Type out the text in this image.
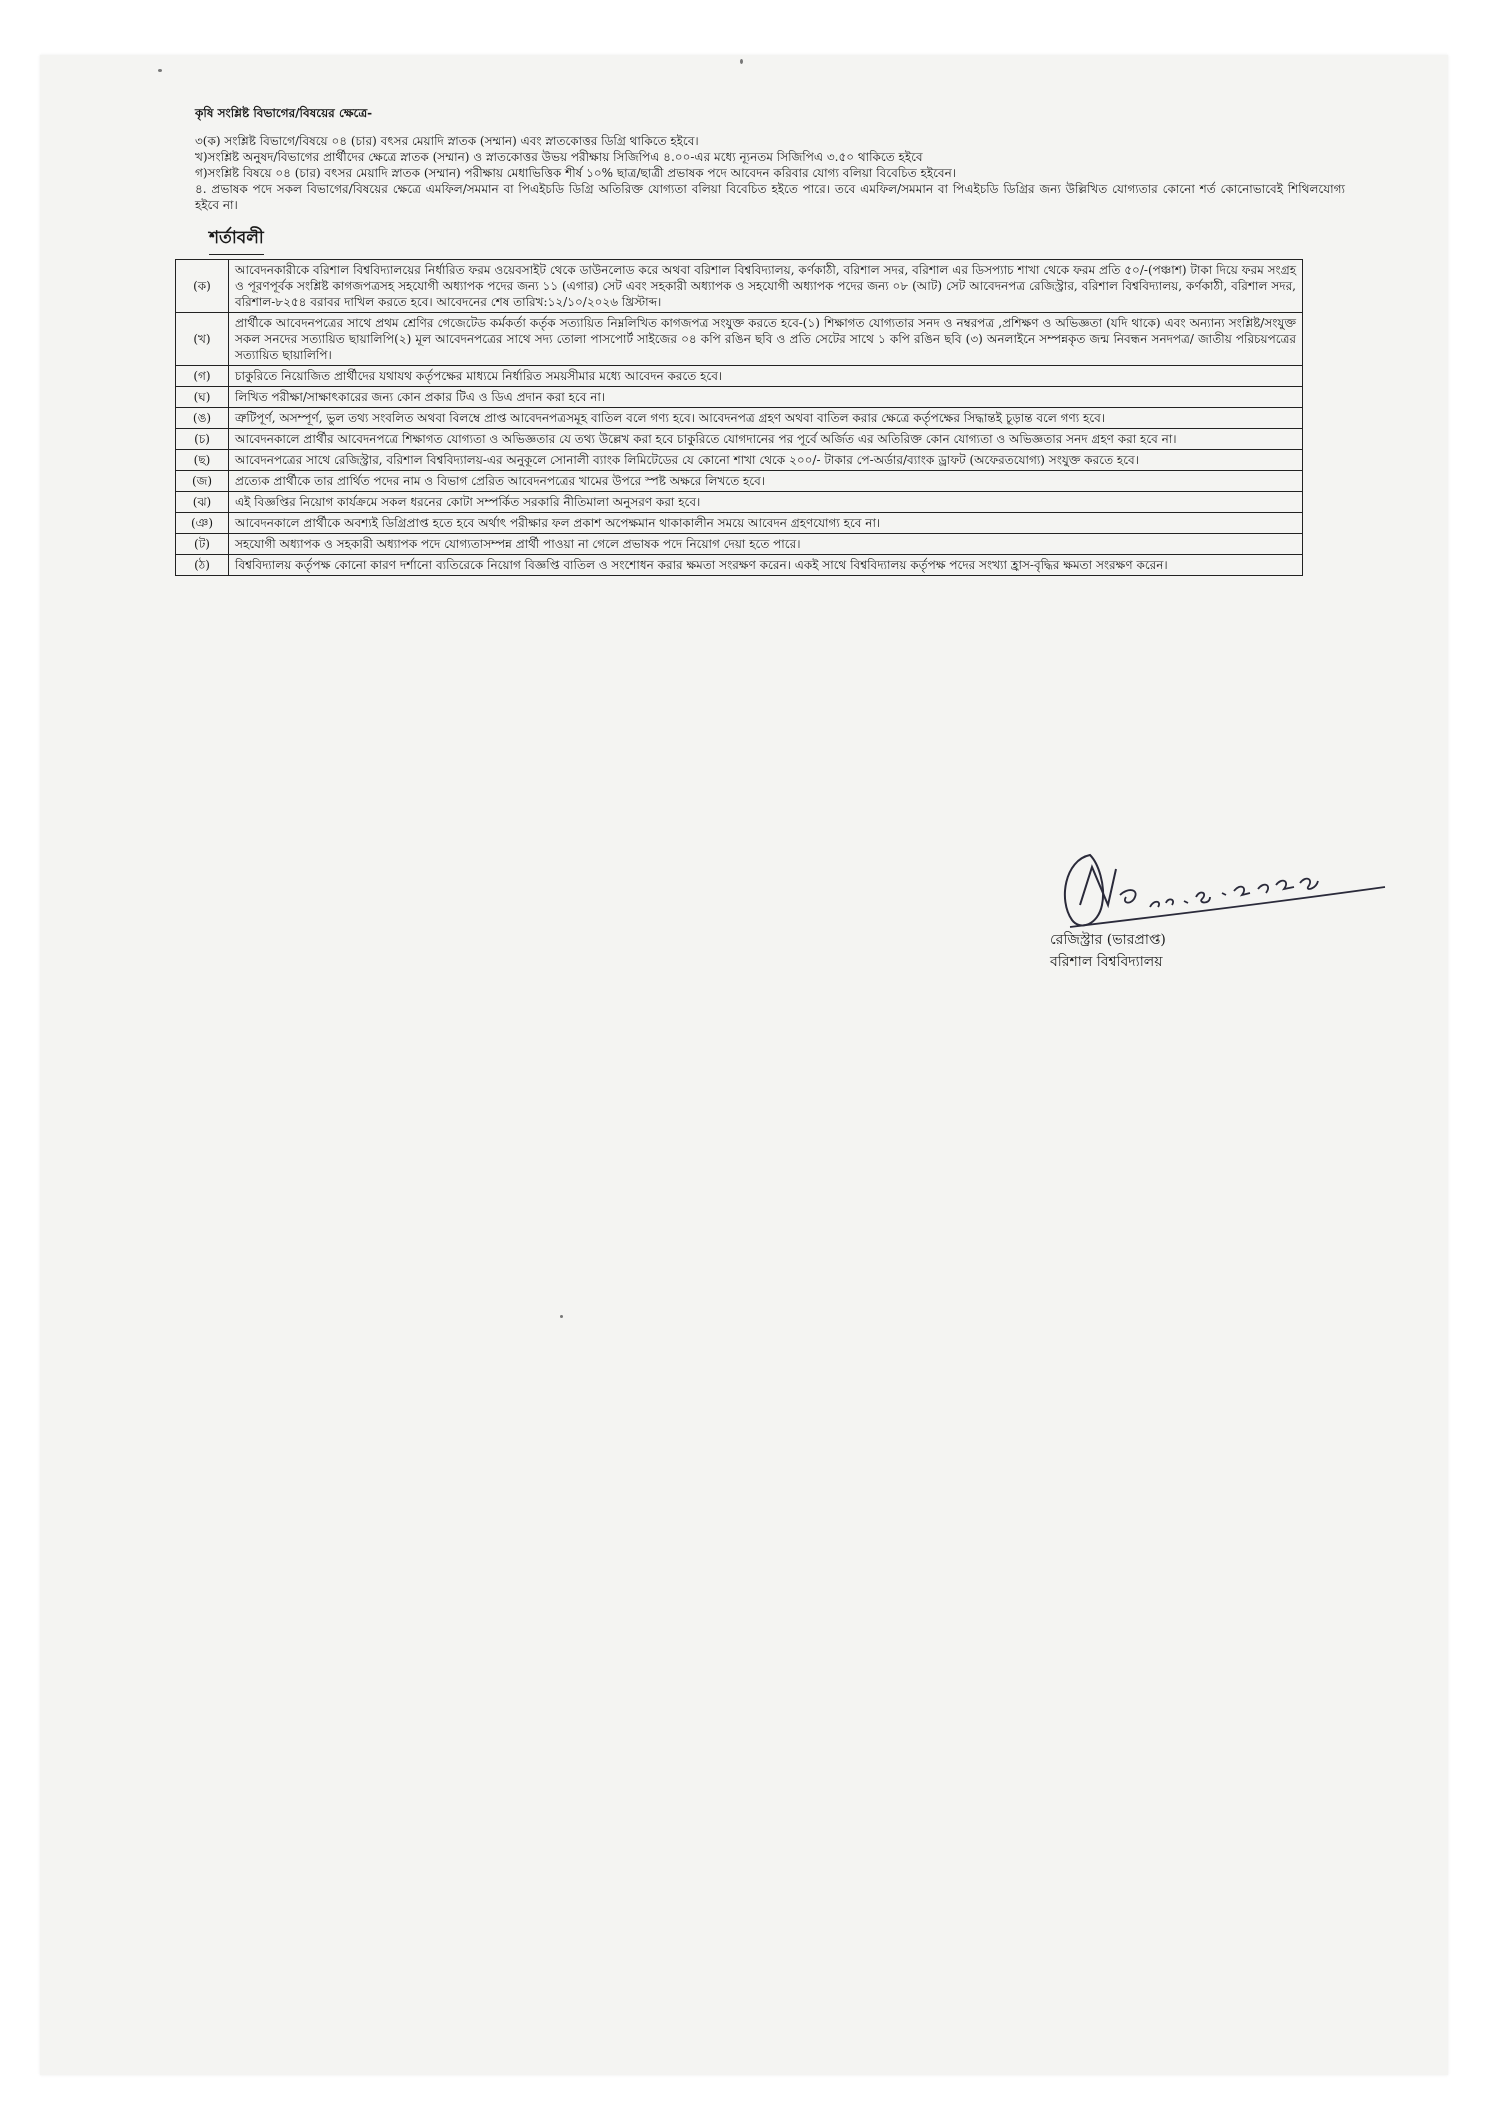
কৃষি সংশ্লিষ্ট বিভাগের/বিষয়ের ক্ষেত্রে-

৩(ক) সংশ্লিষ্ট বিভাগে/বিষয়ে ০৪ (চার) বৎসর মেয়াদি স্নাতক (সম্মান) এবং স্নাতকোত্তর ডিগ্রি থাকিতে হইবে।

খ)সংশ্লিষ্ট অনুষদ/বিভাগের প্রার্থীদের ক্ষেত্রে স্নাতক (সম্মান) ও স্নাতকোত্তর উভয় পরীক্ষায় সিজিপিএ ৪.০০-এর মধ্যে ন্যূনতম সিজিপিএ ৩.৫০ থাকিতে হইবে

গ)সংশ্লিষ্ট বিষয়ে ০৪ (চার) বৎসর মেয়াদি স্নাতক (সম্মান) পরীক্ষায় মেধাভিত্তিক শীর্ষ ১০% ছাত্র/ছাত্রী প্রভাষক পদে আবেদন করিবার যোগ্য বলিয়া বিবেচিত হইবেন।

৪. প্রভাষক পদে সকল বিভাগের/বিষয়ের ক্ষেত্রে এমফিল/সমমান বা পিএইচডি ডিগ্রি অতিরিক্ত যোগ্যতা বলিয়া বিবেচিত হইতে পারে। তবে এমফিল/সমমান বা পিএইচডি ডিগ্রির জন্য উল্লিখিত যোগ্যতার কোনো শর্ত কোনোভাবেই শিথিলযোগ্য হইবে না।

শর্তাবলী
(ক)	আবেদনকারীকে বরিশাল বিশ্ববিদ্যালয়ের নির্ধারিত ফরম ওয়েবসাইট থেকে ডাউনলোড করে অথবা বরিশাল বিশ্ববিদ্যালয়, কর্ণকাঠী, বরিশাল সদর, বরিশাল এর ডিসপ্যাচ শাখা থেকে ফরম প্রতি ৫০/-(পঞ্চাশ) টাকা দিয়ে ফরম সংগ্রহ ও পূরণপূর্বক সংশ্লিষ্ট কাগজপত্রসহ সহযোগী অধ্যাপক পদের জন্য ১১ (এগার) সেট এবং সহকারী অধ্যাপক ও সহযোগী অধ্যাপক পদের জন্য ০৮ (আট) সেট আবেদনপত্র রেজিস্ট্রার, বরিশাল বিশ্ববিদ্যালয়, কর্ণকাঠী, বরিশাল সদর, বরিশাল-৮২৫৪ বরাবর দাখিল করতে হবে। আবেদনের শেষ তারিখ:১২/১০/২০২৬ খ্রিস্টাব্দ।
(খ)	প্রার্থীকে আবেদনপত্রের সাথে প্রথম শ্রেণির গেজেটেড কর্মকর্তা কর্তৃক সত্যায়িত নিম্নলিখিত কাগজপত্র সংযুক্ত করতে হবে-(১) শিক্ষাগত যোগ্যতার সনদ ও নম্বরপত্র ,প্রশিক্ষণ ও অভিজ্ঞতা (যদি থাকে) এবং অন্যান্য সংশ্লিষ্ট/সংযুক্ত সকল সনদের সত্যায়িত ছায়ালিপি(২) মূল আবেদনপত্রের সাথে সদ্য তোলা পাসপোর্ট সাইজের ০৪ কপি রঙিন ছবি ও প্রতি সেটের সাথে ১ কপি রঙিন ছবি (৩) অনলাইনে সম্পন্নকৃত জন্ম নিবন্ধন সনদপত্র/ জাতীয় পরিচয়পত্রের সত্যায়িত ছায়ালিপি।
(গ)	চাকুরিতে নিয়োজিত প্রার্থীদের যথাযথ কর্তৃপক্ষের মাধ্যমে নির্ধারিত সময়সীমার মধ্যে আবেদন করতে হবে।
(ঘ)	লিখিত পরীক্ষা/সাক্ষাৎকারের জন্য কোন প্রকার টিএ ও ডিএ প্রদান করা হবে না।
(ঙ)	ত্রুটিপূর্ণ, অসম্পূর্ণ, ভুল তথ্য সংবলিত অথবা বিলম্বে প্রাপ্ত আবেদনপত্রসমূহ বাতিল বলে গণ্য হবে। আবেদনপত্র গ্রহণ অথবা বাতিল করার ক্ষেত্রে কর্তৃপক্ষের সিদ্ধান্তই চূড়ান্ত বলে গণ্য হবে।
(চ)	আবেদনকালে প্রার্থীর আবেদনপত্রে শিক্ষাগত যোগ্যতা ও অভিজ্ঞতার যে তথ্য উল্লেখ করা হবে চাকুরিতে যোগদানের পর পূর্বে অর্জিত এর অতিরিক্ত কোন যোগ্যতা ও অভিজ্ঞতার সনদ গ্রহণ করা হবে না।
(ছ)	আবেদনপত্রের সাথে রেজিস্ট্রার, বরিশাল বিশ্ববিদ্যালয়-এর অনুকূলে সোনালী ব্যাংক লিমিটেডের যে কোনো শাখা থেকে ২০০/- টাকার পে-অর্ডার/ব্যাংক ড্রাফট (অফেরতযোগ্য) সংযুক্ত করতে হবে।
(জ)	প্রত্যেক প্রার্থীকে তার প্রার্থিত পদের নাম ও বিভাগ প্রেরিত আবেদনপত্রের খামের উপরে স্পষ্ট অক্ষরে লিখতে হবে।
(ঝ)	এই বিজ্ঞপ্তির নিয়োগ কার্যক্রমে সকল ধরনের কোটা সম্পর্কিত সরকারি নীতিমালা অনুসরণ করা হবে।
(ঞ)	আবেদনকালে প্রার্থীকে অবশ্যই ডিগ্রিপ্রাপ্ত হতে হবে অর্থাৎ পরীক্ষার ফল প্রকাশ অপেক্ষমান থাকাকালীন সময়ে আবেদন গ্রহণযোগ্য হবে না।
(ট)	সহযোগী অধ্যাপক ও সহকারী অধ্যাপক পদে যোগ্যতাসম্পন্ন প্রার্থী পাওয়া না গেলে প্রভাষক পদে নিয়োগ দেয়া হতে পারে।
(ঠ)	বিশ্ববিদ্যালয় কর্তৃপক্ষ কোনো কারণ দর্শানো ব্যতিরেকে নিয়োগ বিজ্ঞপ্তি বাতিল ও সংশোধন করার ক্ষমতা সংরক্ষণ করেন। একই সাথে বিশ্ববিদ্যালয় কর্তৃপক্ষ পদের সংখ্যা হ্রাস-বৃদ্ধির ক্ষমতা সংরক্ষণ করেন।
রেজিস্ট্রার (ভারপ্রাপ্ত)
বরিশাল বিশ্ববিদ্যালয়
